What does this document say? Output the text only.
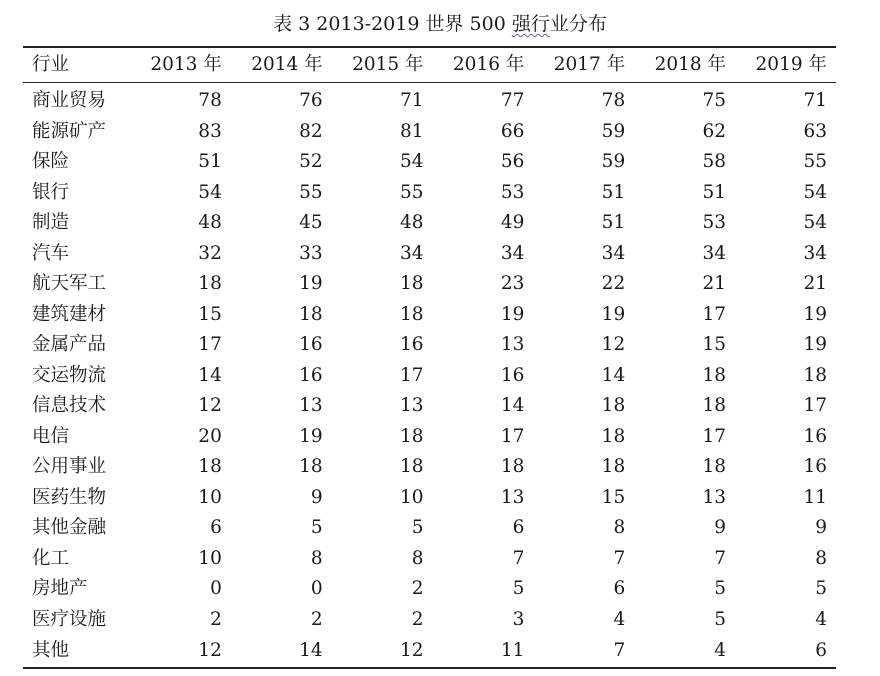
表 3 2013-2019 世界 500 强行业分布
行业	2013 年	2014 年	2015 年	2016 年	2017 年	2018 年	2019 年
商业贸易	78	76	71	77	78	75	71
能源矿产	83	82	81	66	59	62	63
保险	51	52	54	56	59	58	55
银行	54	55	55	53	51	51	54
制造	48	45	48	49	51	53	54
汽车	32	33	34	34	34	34	34
航天军工	18	19	18	23	22	21	21
建筑建材	15	18	18	19	19	17	19
金属产品	17	16	16	13	12	15	19
交运物流	14	16	17	16	14	18	18
信息技术	12	13	13	14	18	18	17
电信	20	19	18	17	18	17	16
公用事业	18	18	18	18	18	18	16
医药生物	10	9	10	13	15	13	11
其他金融	6	5	5	6	8	9	9
化工	10	8	8	7	7	7	8
房地产	0	0	2	5	6	5	5
医疗设施	2	2	2	3	4	5	4
其他	12	14	12	11	7	4	6
